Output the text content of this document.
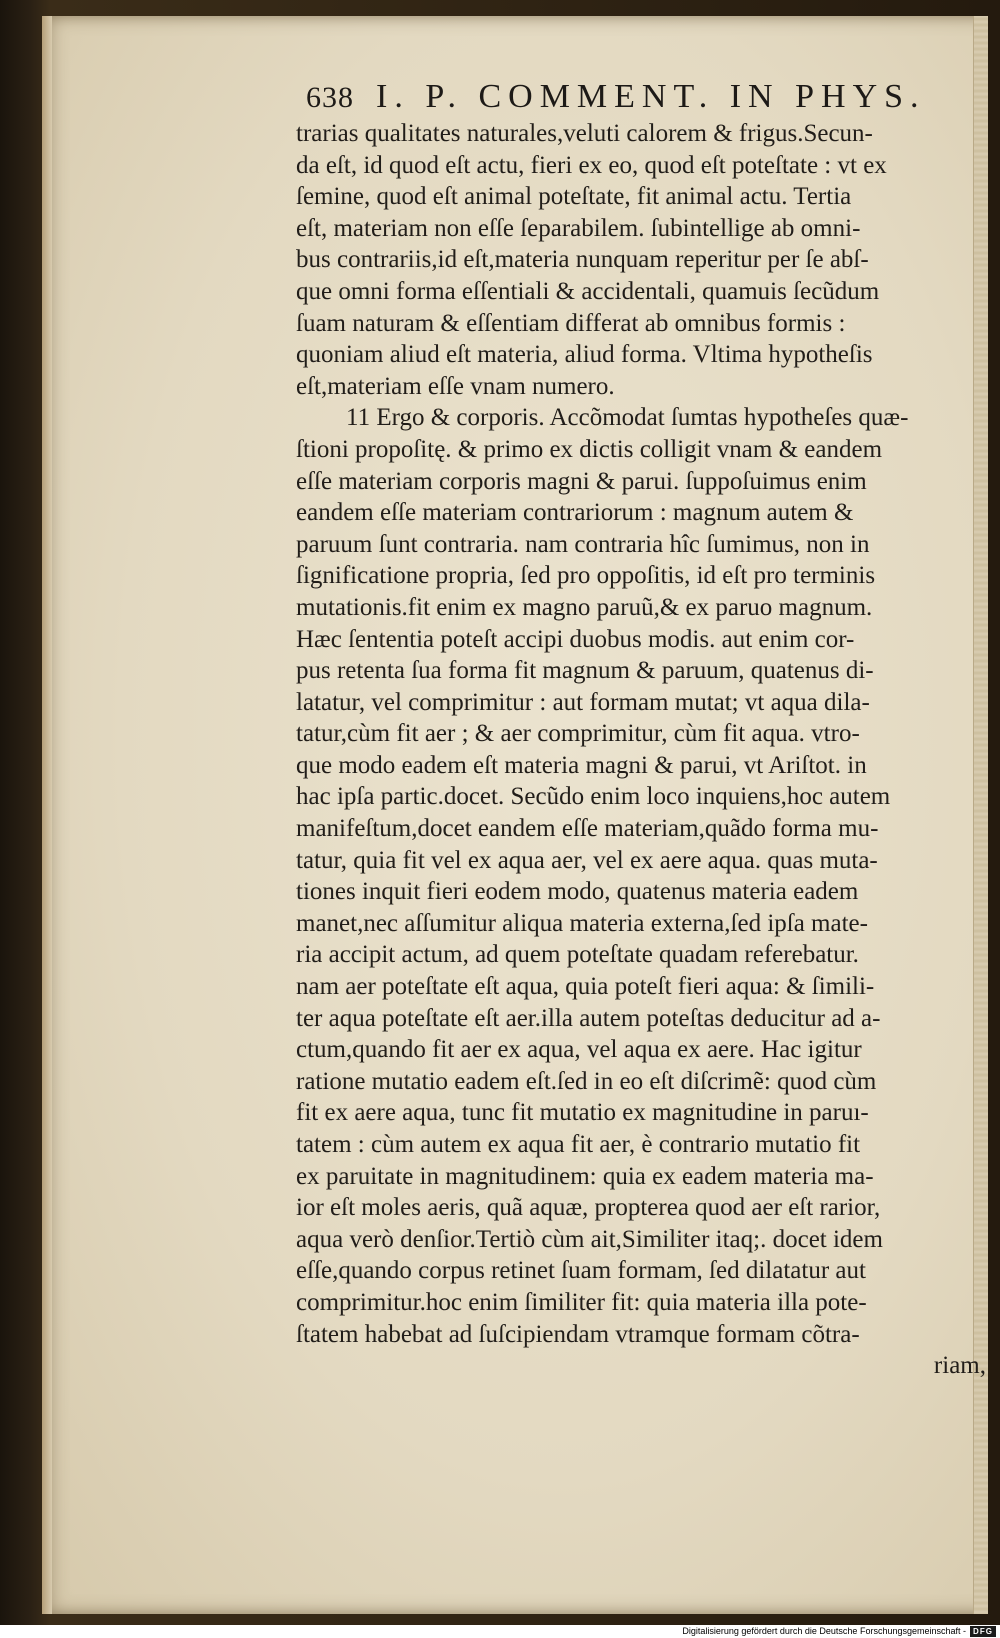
638 I. P. COMMENT. IN PHYS.
trarias qualitates naturales,veluti calorem & frigus.Secun-
da eſt, id quod eſt actu, fieri ex eo, quod eſt poteſtate : vt ex
ſemine, quod eſt animal poteſtate, fit animal actu. Tertia
eſt, materiam non eſſe ſeparabilem. ſubintellige ab omni-
bus contrariis,id eſt,materia nunquam reperitur per ſe abſ-
que omni forma eſſentiali & accidentali, quamuis ſecũdum
ſuam naturam & eſſentiam differat ab omnibus formis :
quoniam aliud eſt materia, aliud forma. Vltima hypotheſis
eſt,materiam eſſe vnam numero.
11 Ergo & corporis. Accõmodat ſumtas hypotheſes quæ-
ſtioni propoſitę. & primo ex dictis colligit vnam & eandem
eſſe materiam corporis magni & parui. ſuppoſuimus enim
eandem eſſe materiam contrariorum : magnum autem &
paruum ſunt contraria. nam contraria hîc ſumimus, non in
ſignificatione propria, ſed pro oppoſitis, id eſt pro terminis
mutationis.fit enim ex magno paruũ,& ex paruo magnum.
Hæc ſententia poteſt accipi duobus modis. aut enim cor-
pus retenta ſua forma fit magnum & paruum, quatenus di-
latatur, vel comprimitur : aut formam mutat; vt aqua dila-
tatur,cùm fit aer ; & aer comprimitur, cùm fit aqua. vtro-
que modo eadem eſt materia magni & parui, vt Ariſtot. in
hac ipſa partic.docet. Secũdo enim loco inquiens,hoc autem
manifeſtum,docet eandem eſſe materiam,quãdo forma mu-
tatur, quia fit vel ex aqua aer, vel ex aere aqua. quas muta-
tiones inquit fieri eodem modo, quatenus materia eadem
manet,nec aſſumitur aliqua materia externa,ſed ipſa mate-
ria accipit actum, ad quem poteſtate quadam referebatur.
nam aer poteſtate eſt aqua, quia poteſt fieri aqua: & ſimili-
ter aqua poteſtate eſt aer.illa autem poteſtas deducitur ad a-
ctum,quando fit aer ex aqua, vel aqua ex aere. Hac igitur
ratione mutatio eadem eſt.ſed in eo eſt diſcrimẽ: quod cùm
fit ex aere aqua, tunc fit mutatio ex magnitudine in paruı-
tatem : cùm autem ex aqua fit aer, è contrario mutatio fit
ex paruitate in magnitudinem: quia ex eadem materia ma-
ior eſt moles aeris, quã aquæ, propterea quod aer eſt rarior,
aqua verò denſior.Tertiò cùm ait,Similiter itaq;. docet idem
eſſe,quando corpus retinet ſuam formam, ſed dilatatur aut
comprimitur.hoc enim ſimiliter fit: quia materia illa pote-
ſtatem habebat ad ſuſcipiendam vtramque formam cõtra-
riam,
Digitalisierung gefördert durch die Deutsche Forschungsgemeinschaft - DFG
